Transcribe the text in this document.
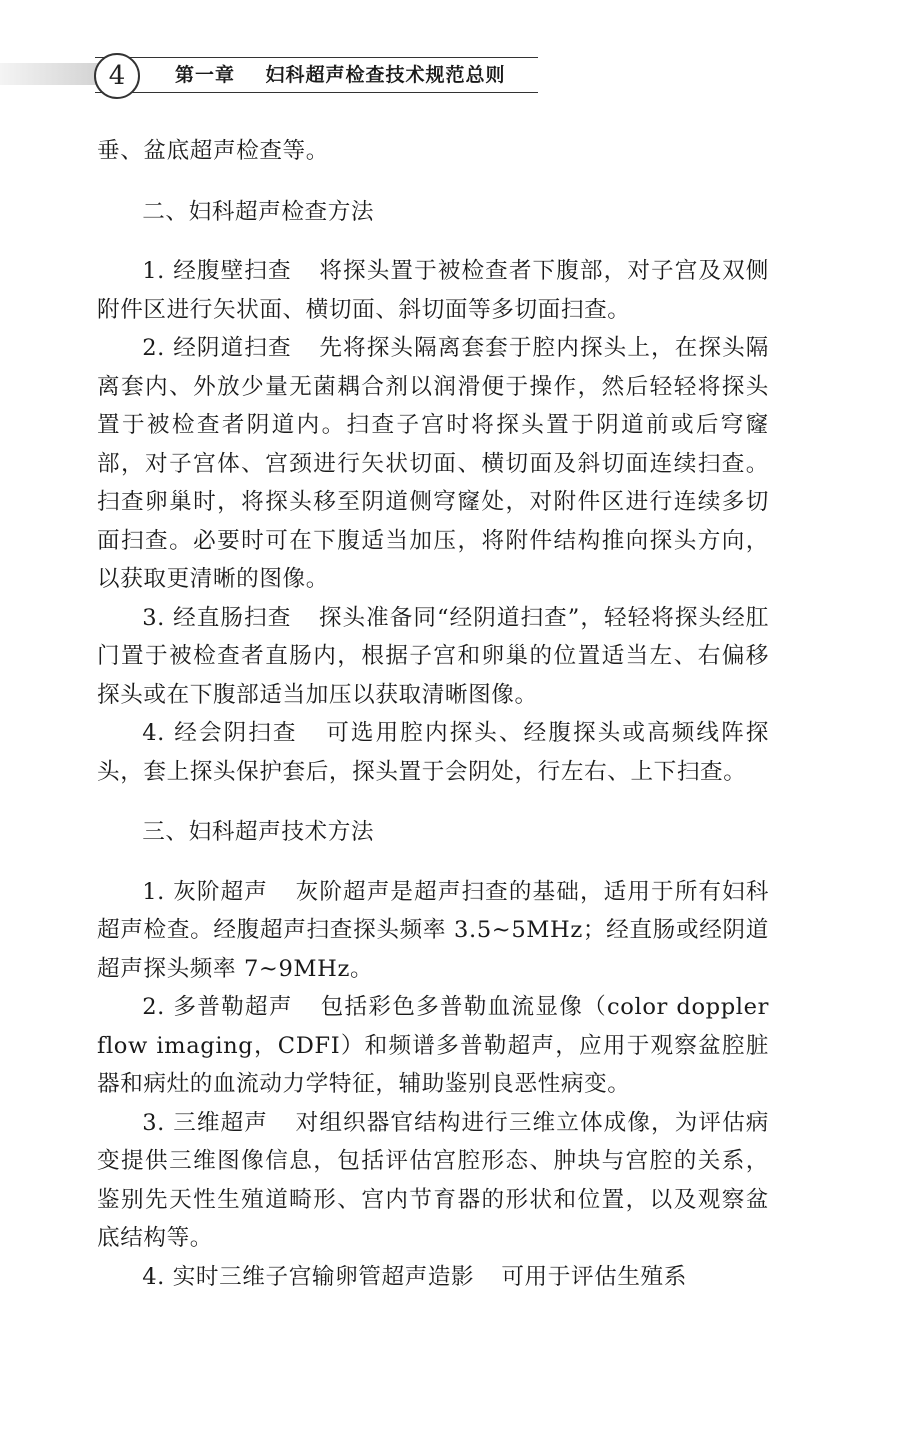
4	第一章    妇科超声检查技术规范总则

垂、盆底超声检查等。

二、妇科超声检查方法

1. 经腹壁扫查 将探头置于被检查者下腹部，对子宫及双侧附件区进行矢状面、横切面、斜切面等多切面扫查。

2. 经阴道扫查 先将探头隔离套套于腔内探头上，在探头隔离套内、外放少量无菌耦合剂以润滑便于操作，然后轻轻将探头置于被检查者阴道内。扫查子宫时将探头置于阴道前或后穹窿部，对子宫体、宫颈进行矢状切面、横切面及斜切面连续扫查。扫查卵巢时，将探头移至阴道侧穹窿处，对附件区进行连续多切面扫查。必要时可在下腹适当加压，将附件结构推向探头方向，以获取更清晰的图像。

3. 经直肠扫查 探头准备同“经阴道扫查”，轻轻将探头经肛门置于被检查者直肠内，根据子宫和卵巢的位置适当左、右偏移探头或在下腹部适当加压以获取清晰图像。

4. 经会阴扫查 可选用腔内探头、经腹探头或高频线阵探头，套上探头保护套后，探头置于会阴处，行左右、上下扫查。

三、妇科超声技术方法

1. 灰阶超声 灰阶超声是超声扫查的基础，适用于所有妇科超声检查。经腹超声扫查探头频率 3.5~5MHz；经直肠或经阴道超声探头频率 7~9MHz。

2. 多普勒超声 包括彩色多普勒血流显像（color doppler flow imaging，CDFI）和频谱多普勒超声，应用于观察盆腔脏器和病灶的血流动力学特征，辅助鉴别良恶性病变。

3. 三维超声 对组织器官结构进行三维立体成像，为评估病变提供三维图像信息，包括评估宫腔形态、肿块与宫腔的关系，鉴别先天性生殖道畸形、宫内节育器的形状和位置，以及观察盆底结构等。

4. 实时三维子宫输卵管超声造影 可用于评估生殖系
